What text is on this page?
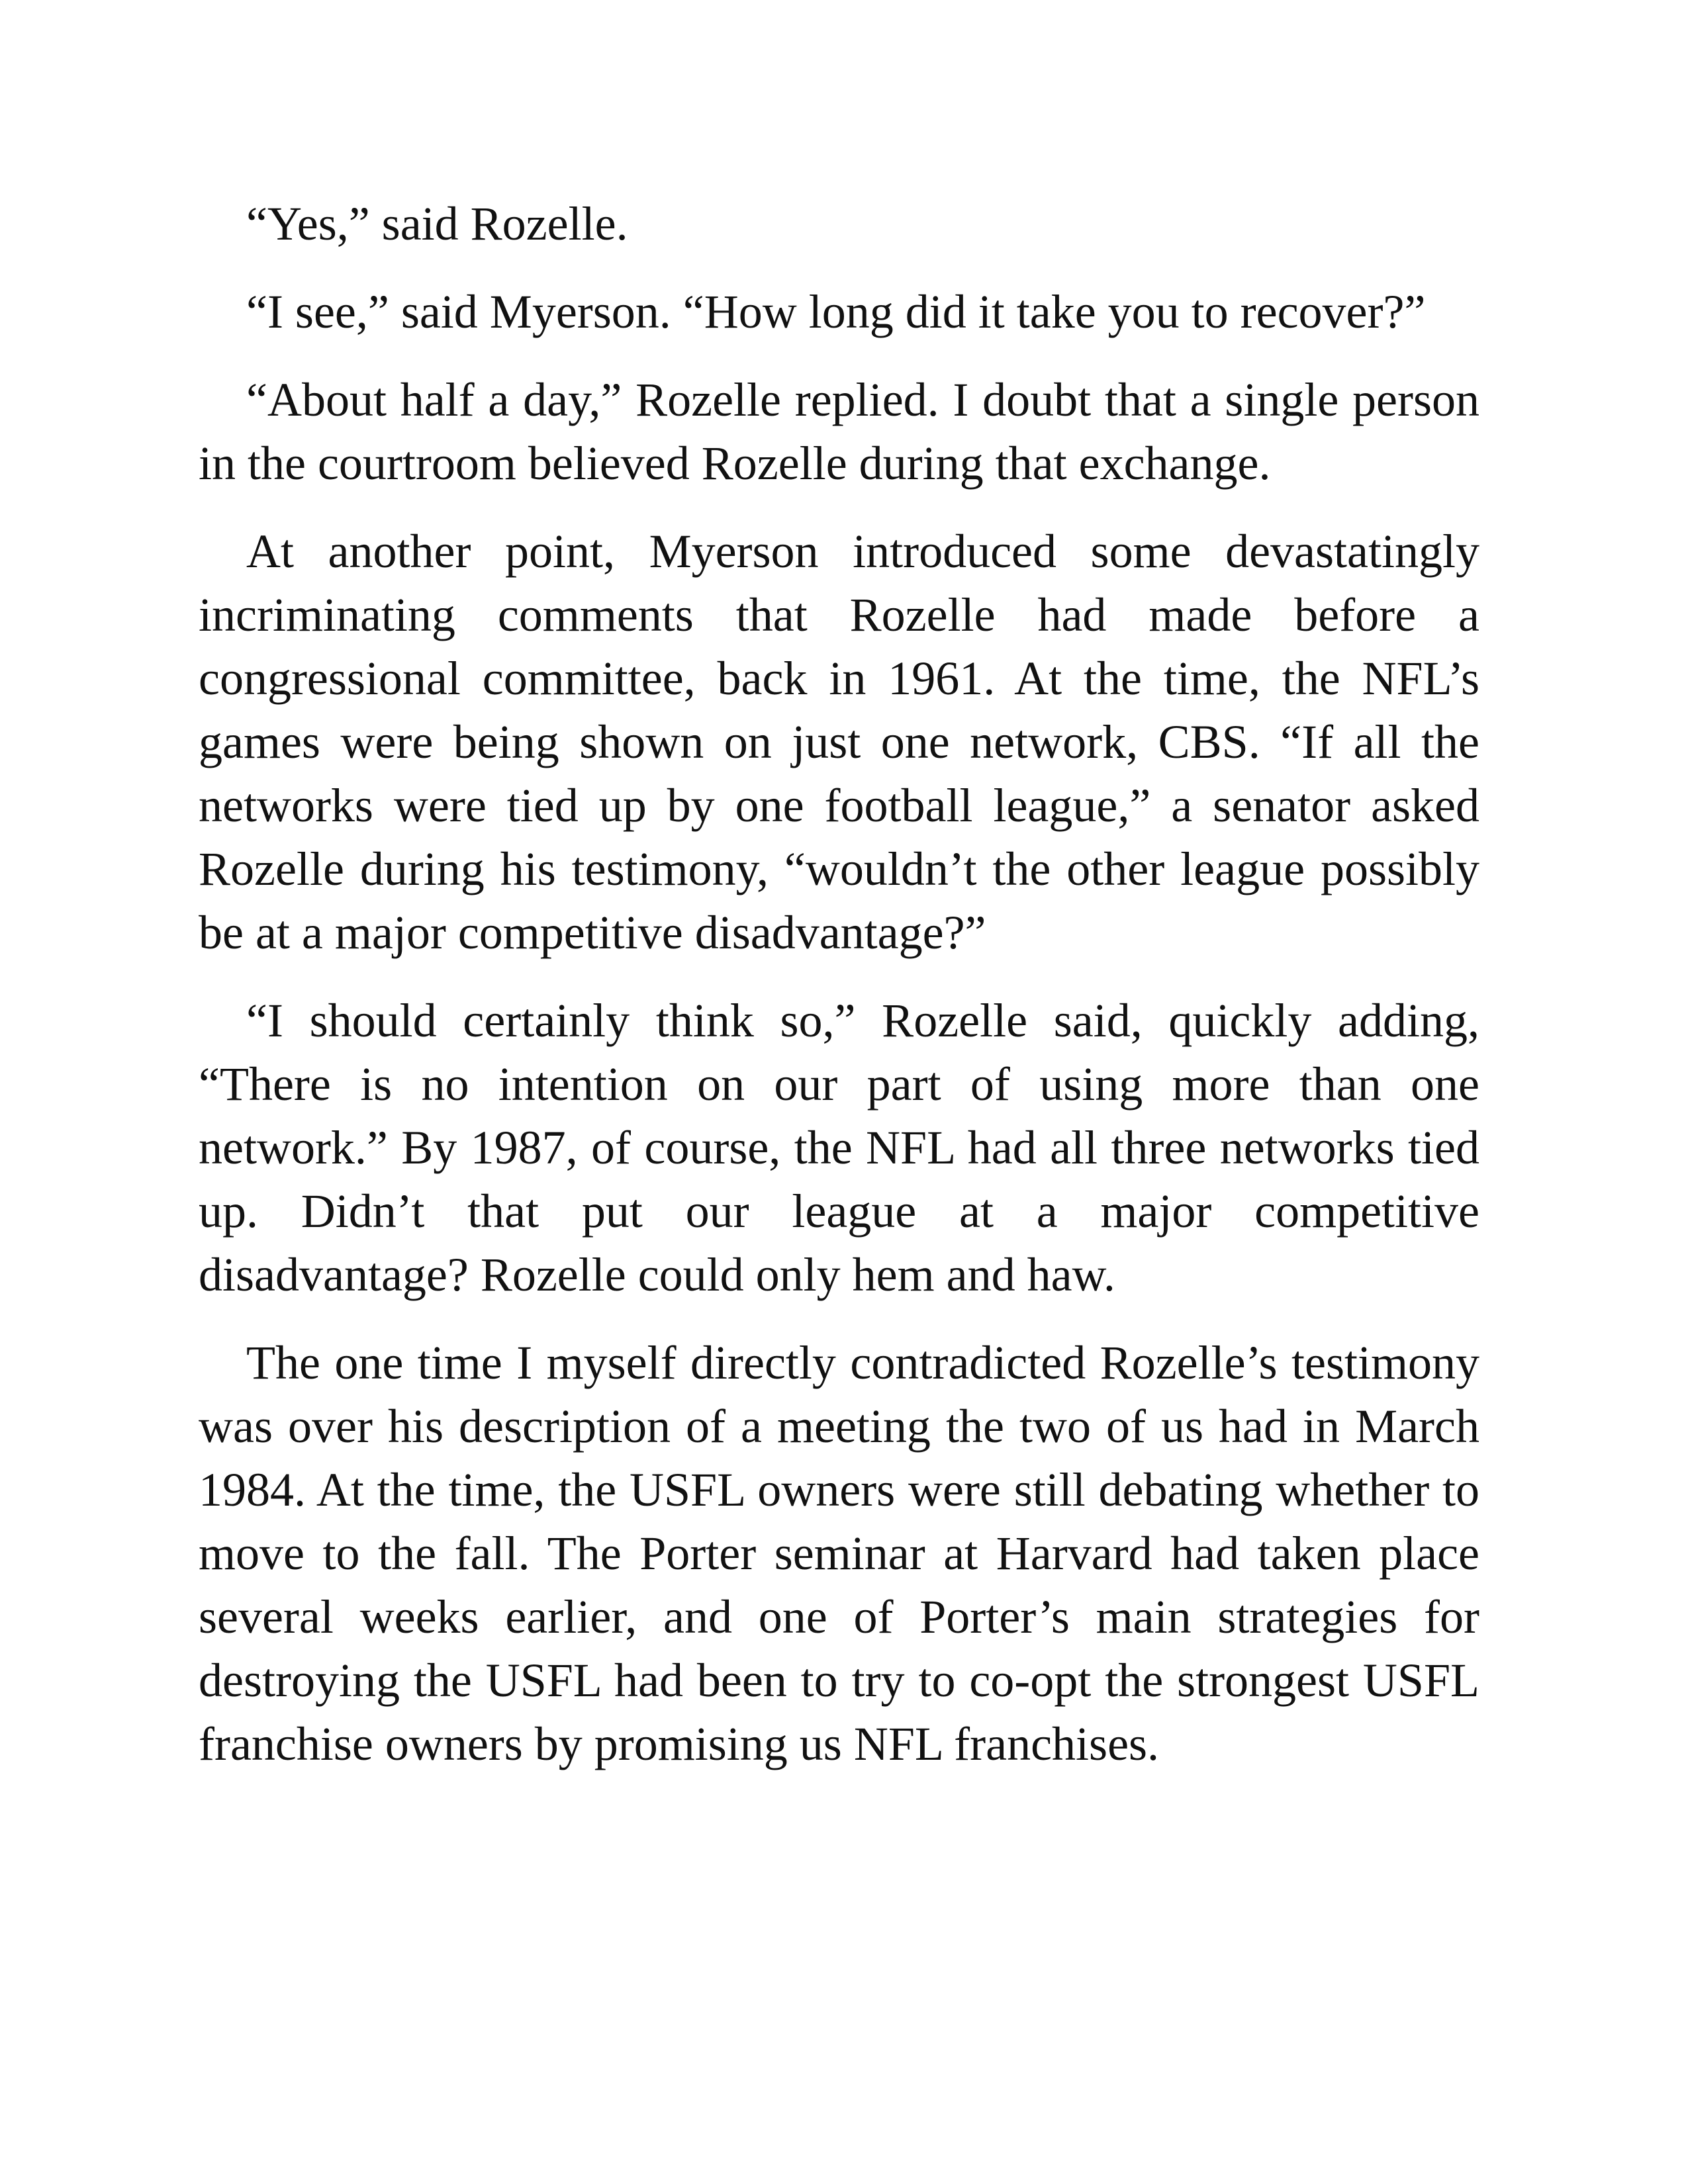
“Yes,” said Rozelle.

“I see,” said Myerson. “How long did it take you to recover?”

“About half a day,” Rozelle replied. I doubt that a single person in the courtroom believed Rozelle during that exchange.

At another point, Myerson introduced some devastatingly incriminating comments that Rozelle had made before a congressional committee, back in 1961. At the time, the NFL’s games were being shown on just one network, CBS. “If all the networks were tied up by one football league,” a senator asked Rozelle during his testimony, “wouldn’t the other league possibly be at a major competitive disadvantage?”

“I should certainly think so,” Rozelle said, quickly adding, “There is no intention on our part of using more than one network.” By 1987, of course, the NFL had all three networks tied up. Didn’t that put our league at a major competitive disadvantage? Rozelle could only hem and haw.

The one time I myself directly contradicted Rozelle’s testimony was over his description of a meeting the two of us had in March 1984. At the time, the USFL owners were still debating whether to move to the fall. The Porter seminar at Harvard had taken place several weeks earlier, and one of Porter’s main strategies for destroying the USFL had been to try to co-opt the strongest USFL franchise owners by promising us NFL franchises.
